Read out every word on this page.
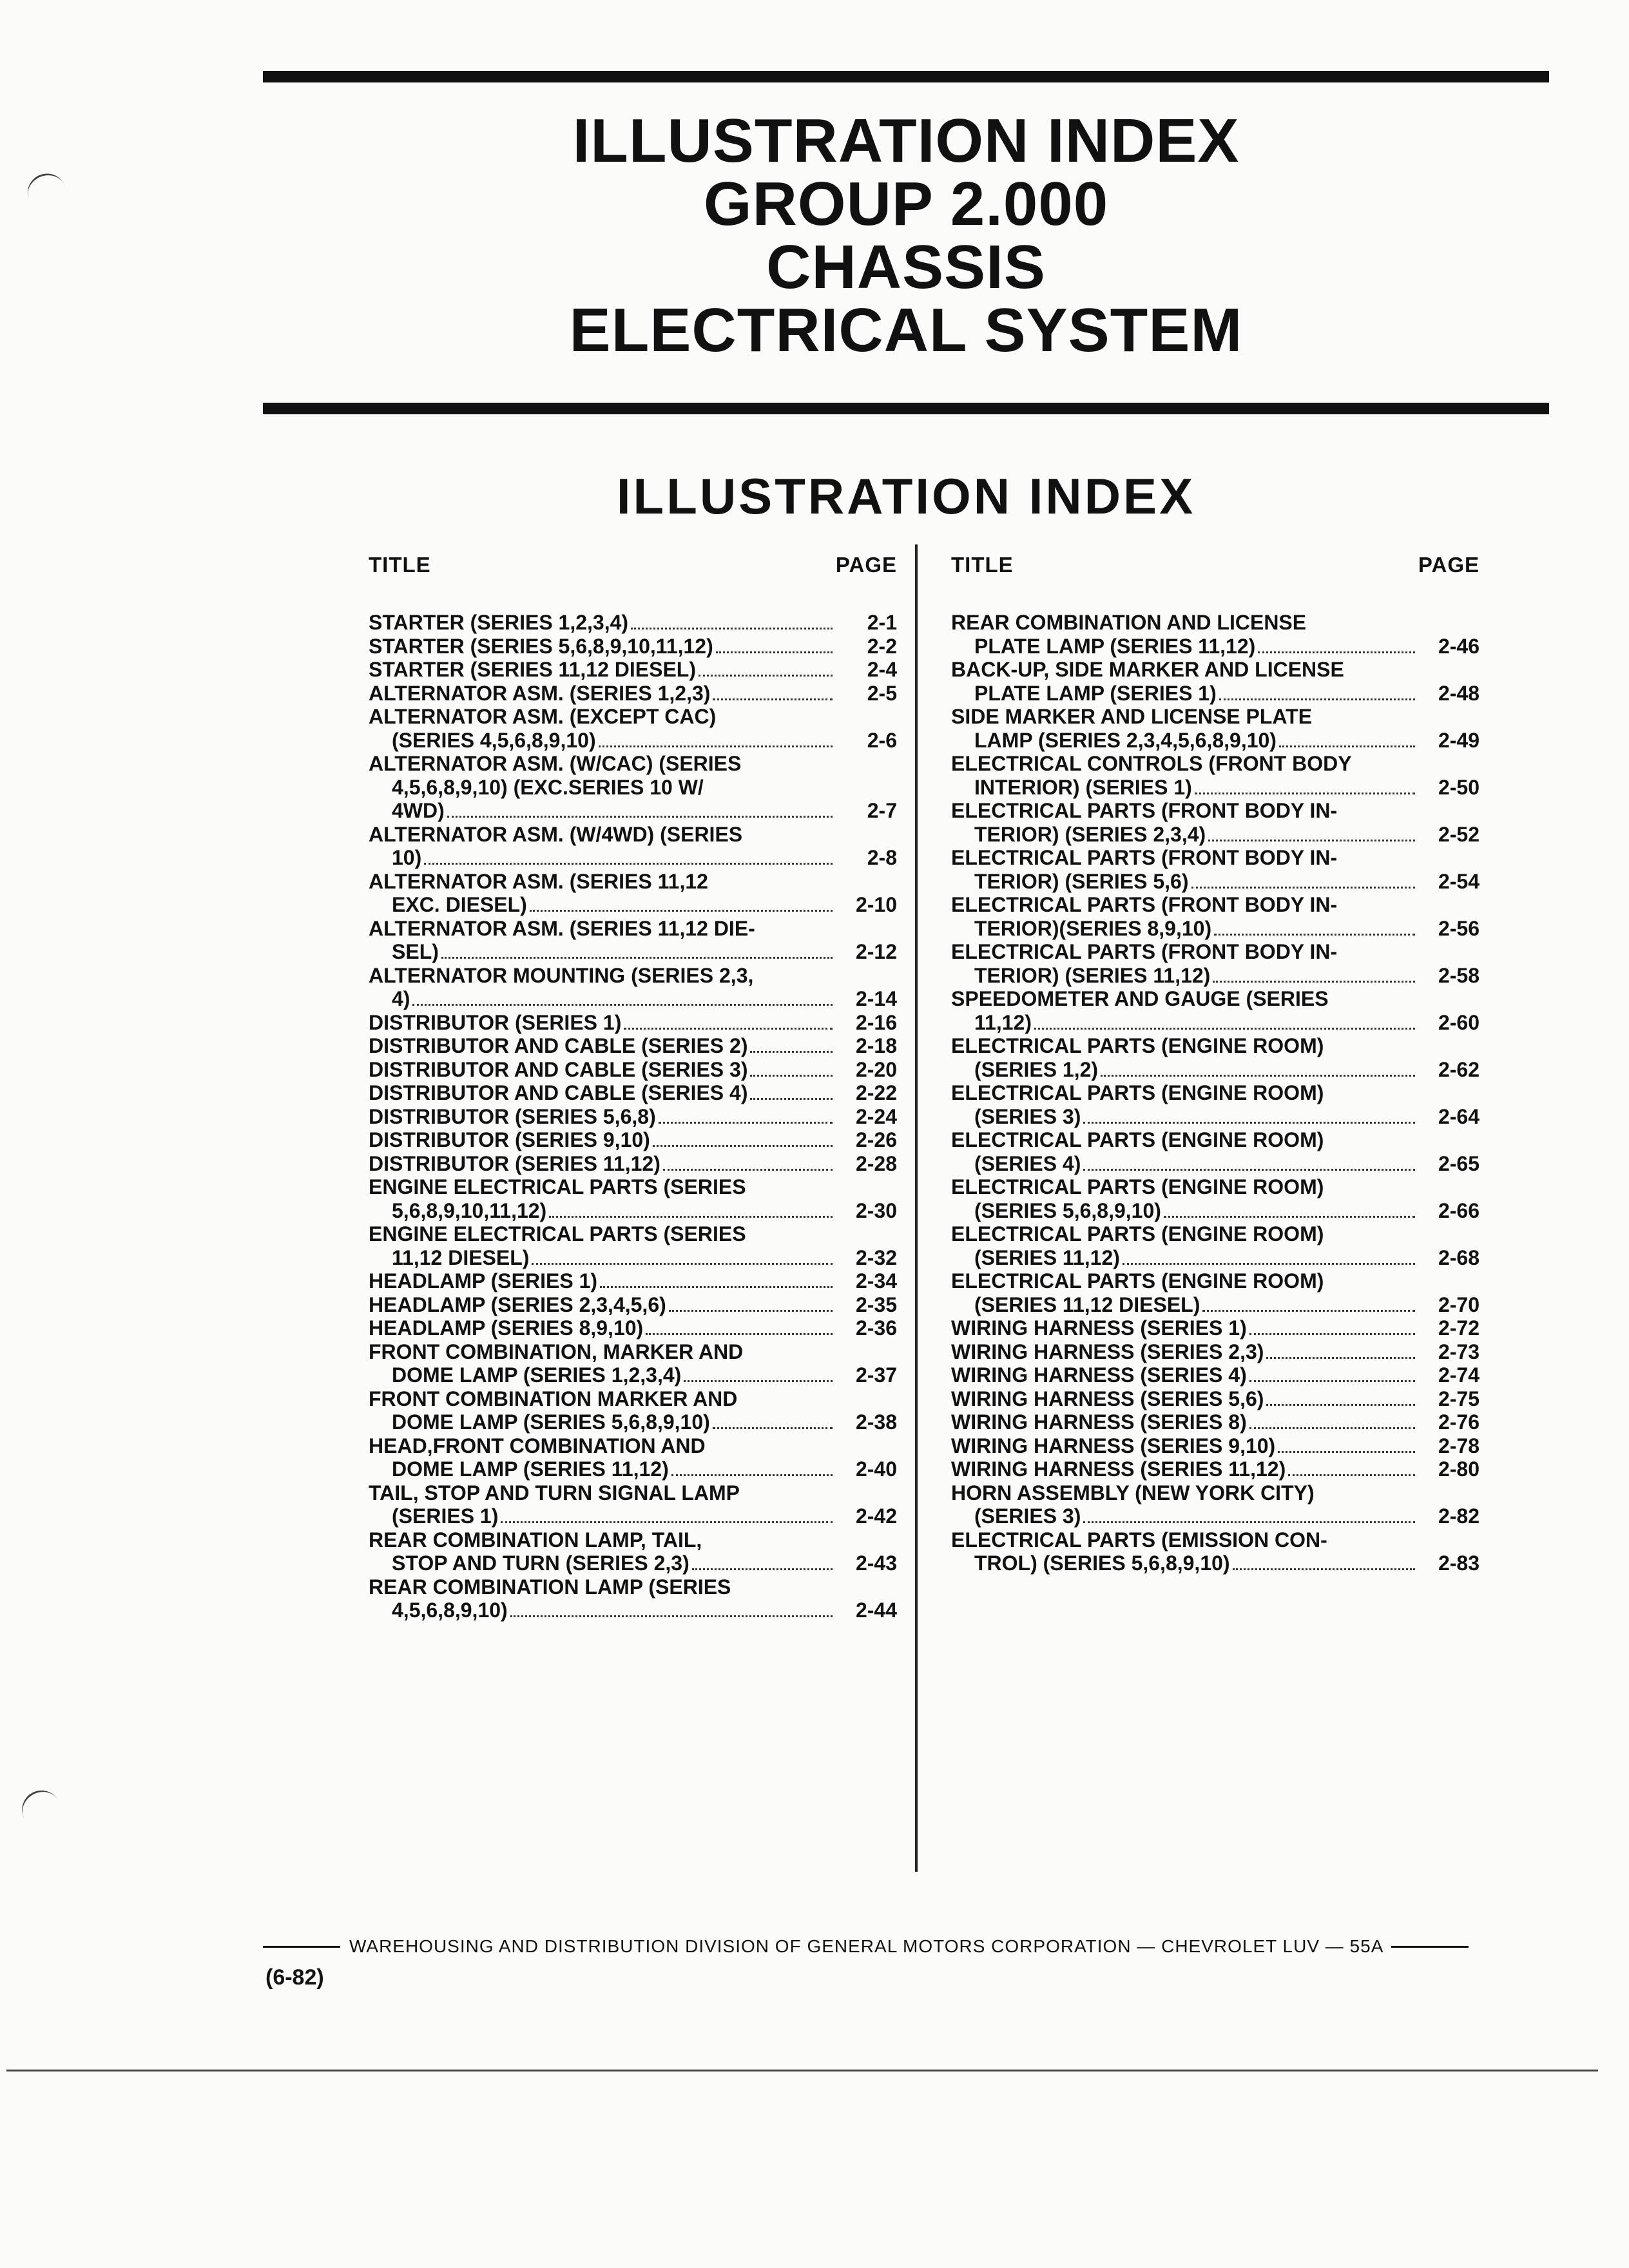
ILLUSTRATION INDEX
GROUP 2.000
CHASSIS
ELECTRICAL SYSTEM
ILLUSTRATION INDEX
TITLE	PAGE
STARTER (SERIES 1,2,3,4)	2-1
STARTER (SERIES 5,6,8,9,10,11,12)	2-2
STARTER (SERIES 11,12 DIESEL)	2-4
ALTERNATOR ASM. (SERIES 1,2,3)	2-5
ALTERNATOR ASM. (EXCEPT CAC)
(SERIES 4,5,6,8,9,10)	2-6
ALTERNATOR ASM. (W/CAC) (SERIES
4,5,6,8,9,10) (EXC.SERIES 10 W/
4WD)	2-7
ALTERNATOR ASM. (W/4WD) (SERIES
10)	2-8
ALTERNATOR ASM. (SERIES 11,12
EXC. DIESEL)	2-10
ALTERNATOR ASM. (SERIES 11,12 DIE-
SEL)	2-12
ALTERNATOR MOUNTING (SERIES 2,3,
4)	2-14
DISTRIBUTOR (SERIES 1)	2-16
DISTRIBUTOR AND CABLE (SERIES 2)	2-18
DISTRIBUTOR AND CABLE (SERIES 3)	2-20
DISTRIBUTOR AND CABLE (SERIES 4)	2-22
DISTRIBUTOR (SERIES 5,6,8)	2-24
DISTRIBUTOR (SERIES 9,10)	2-26
DISTRIBUTOR (SERIES 11,12)	2-28
ENGINE ELECTRICAL PARTS (SERIES
5,6,8,9,10,11,12)	2-30
ENGINE ELECTRICAL PARTS (SERIES
11,12 DIESEL)	2-32
HEADLAMP (SERIES 1)	2-34
HEADLAMP (SERIES 2,3,4,5,6)	2-35
HEADLAMP (SERIES 8,9,10)	2-36
FRONT COMBINATION, MARKER AND
DOME LAMP (SERIES 1,2,3,4)	2-37
FRONT COMBINATION MARKER AND
DOME LAMP (SERIES 5,6,8,9,10)	2-38
HEAD,FRONT COMBINATION AND
DOME LAMP (SERIES 11,12)	2-40
TAIL, STOP AND TURN SIGNAL LAMP
(SERIES 1)	2-42
REAR COMBINATION LAMP, TAIL,
STOP AND TURN (SERIES 2,3)	2-43
REAR COMBINATION LAMP (SERIES
4,5,6,8,9,10)	2-44
TITLE	PAGE
REAR COMBINATION AND LICENSE
PLATE LAMP (SERIES 11,12)	2-46
BACK-UP, SIDE MARKER AND LICENSE
PLATE LAMP (SERIES 1)	2-48
SIDE MARKER AND LICENSE PLATE
LAMP (SERIES 2,3,4,5,6,8,9,10)	2-49
ELECTRICAL CONTROLS (FRONT BODY
INTERIOR) (SERIES 1)	2-50
ELECTRICAL PARTS (FRONT BODY IN-
TERIOR) (SERIES 2,3,4)	2-52
ELECTRICAL PARTS (FRONT BODY IN-
TERIOR) (SERIES 5,6)	2-54
ELECTRICAL PARTS (FRONT BODY IN-
TERIOR)(SERIES 8,9,10)	2-56
ELECTRICAL PARTS (FRONT BODY IN-
TERIOR) (SERIES 11,12)	2-58
SPEEDOMETER AND GAUGE (SERIES
11,12)	2-60
ELECTRICAL PARTS (ENGINE ROOM)
(SERIES 1,2)	2-62
ELECTRICAL PARTS (ENGINE ROOM)
(SERIES 3)	2-64
ELECTRICAL PARTS (ENGINE ROOM)
(SERIES 4)	2-65
ELECTRICAL PARTS (ENGINE ROOM)
(SERIES 5,6,8,9,10)	2-66
ELECTRICAL PARTS (ENGINE ROOM)
(SERIES 11,12)	2-68
ELECTRICAL PARTS (ENGINE ROOM)
(SERIES 11,12 DIESEL)	2-70
WIRING HARNESS (SERIES 1)	2-72
WIRING HARNESS (SERIES 2,3)	2-73
WIRING HARNESS (SERIES 4)	2-74
WIRING HARNESS (SERIES 5,6)	2-75
WIRING HARNESS (SERIES 8)	2-76
WIRING HARNESS (SERIES 9,10)	2-78
WIRING HARNESS (SERIES 11,12)	2-80
HORN ASSEMBLY (NEW YORK CITY)
(SERIES 3)	2-82
ELECTRICAL PARTS (EMISSION CON-
TROL) (SERIES 5,6,8,9,10)	2-83
WAREHOUSING AND DISTRIBUTION DIVISION OF GENERAL MOTORS CORPORATION — CHEVROLET LUV — 55A
(6-82)
